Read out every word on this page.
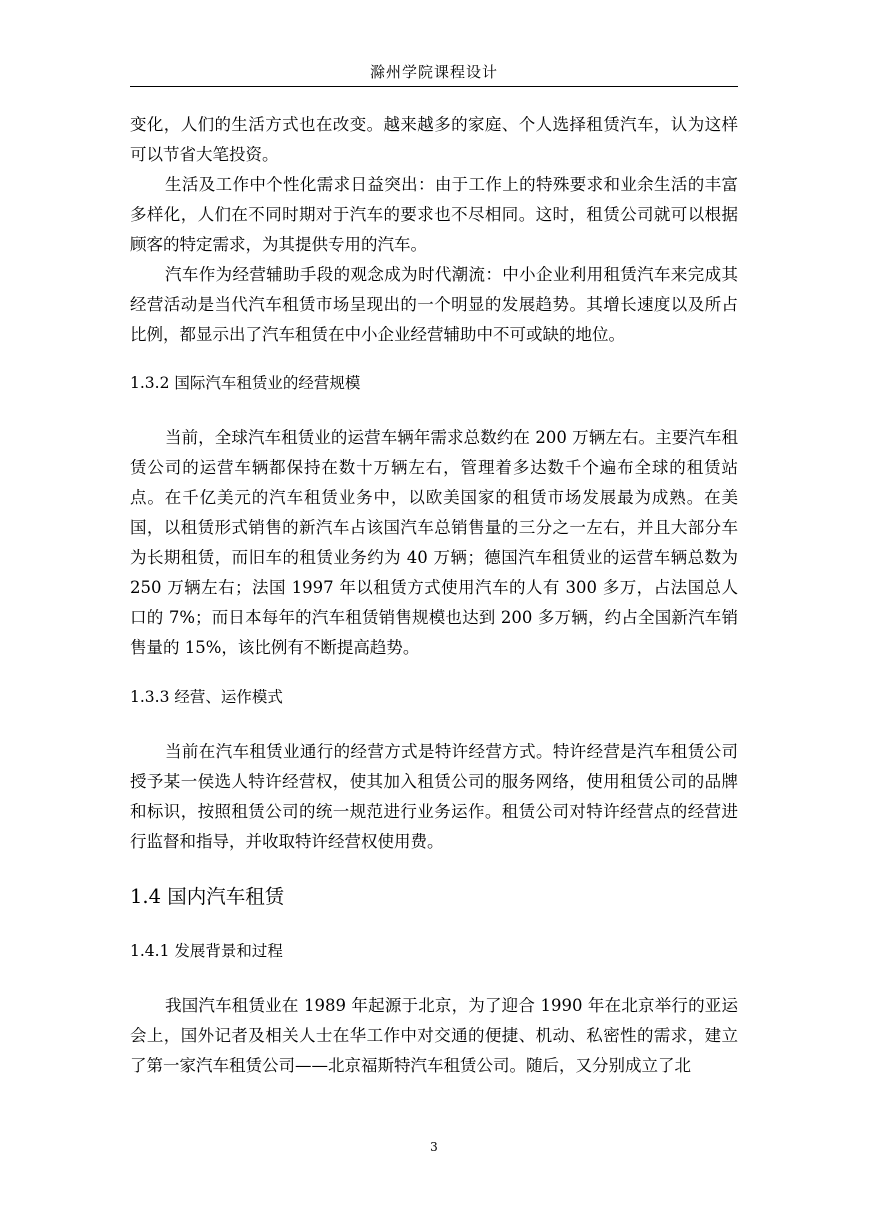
滁州学院课程设计

变化，人们的生活方式也在改变。越来越多的家庭、个人选择租赁汽车，认为这样可以节省大笔投资。

生活及工作中个性化需求日益突出：由于工作上的特殊要求和业余生活的丰富多样化，人们在不同时期对于汽车的要求也不尽相同。这时，租赁公司就可以根据顾客的特定需求，为其提供专用的汽车。

汽车作为经营辅助手段的观念成为时代潮流：中小企业利用租赁汽车来完成其经营活动是当代汽车租赁市场呈现出的一个明显的发展趋势。其增长速度以及所占比例，都显示出了汽车租赁在中小企业经营辅助中不可或缺的地位。

1.3.2 国际汽车租赁业的经营规模

当前，全球汽车租赁业的运营车辆年需求总数约在 200 万辆左右。主要汽车租赁公司的运营车辆都保持在数十万辆左右，管理着多达数千个遍布全球的租赁站点。在千亿美元的汽车租赁业务中，以欧美国家的租赁市场发展最为成熟。在美国，以租赁形式销售的新汽车占该国汽车总销售量的三分之一左右，并且大部分车为长期租赁，而旧车的租赁业务约为 40 万辆；德国汽车租赁业的运营车辆总数为 250 万辆左右；法国 1997 年以租赁方式使用汽车的人有 300 多万，占法国总人口的 7%；而日本每年的汽车租赁销售规模也达到 200 多万辆，约占全国新汽车销售量的 15%，该比例有不断提高趋势。

1.3.3 经营、运作模式

当前在汽车租赁业通行的经营方式是特许经营方式。特许经营是汽车租赁公司授予某一侯选人特许经营权，使其加入租赁公司的服务网络，使用租赁公司的品牌和标识，按照租赁公司的统一规范进行业务运作。租赁公司对特许经营点的经营进行监督和指导，并收取特许经营权使用费。

1.4 国内汽车租赁
1.4.1 发展背景和过程

我国汽车租赁业在 1989 年起源于北京，为了迎合 1990 年在北京举行的亚运会上，国外记者及相关人士在华工作中对交通的便捷、机动、私密性的需求，建立了第一家汽车租赁公司——北京福斯特汽车租赁公司。随后，又分别成立了北

3
